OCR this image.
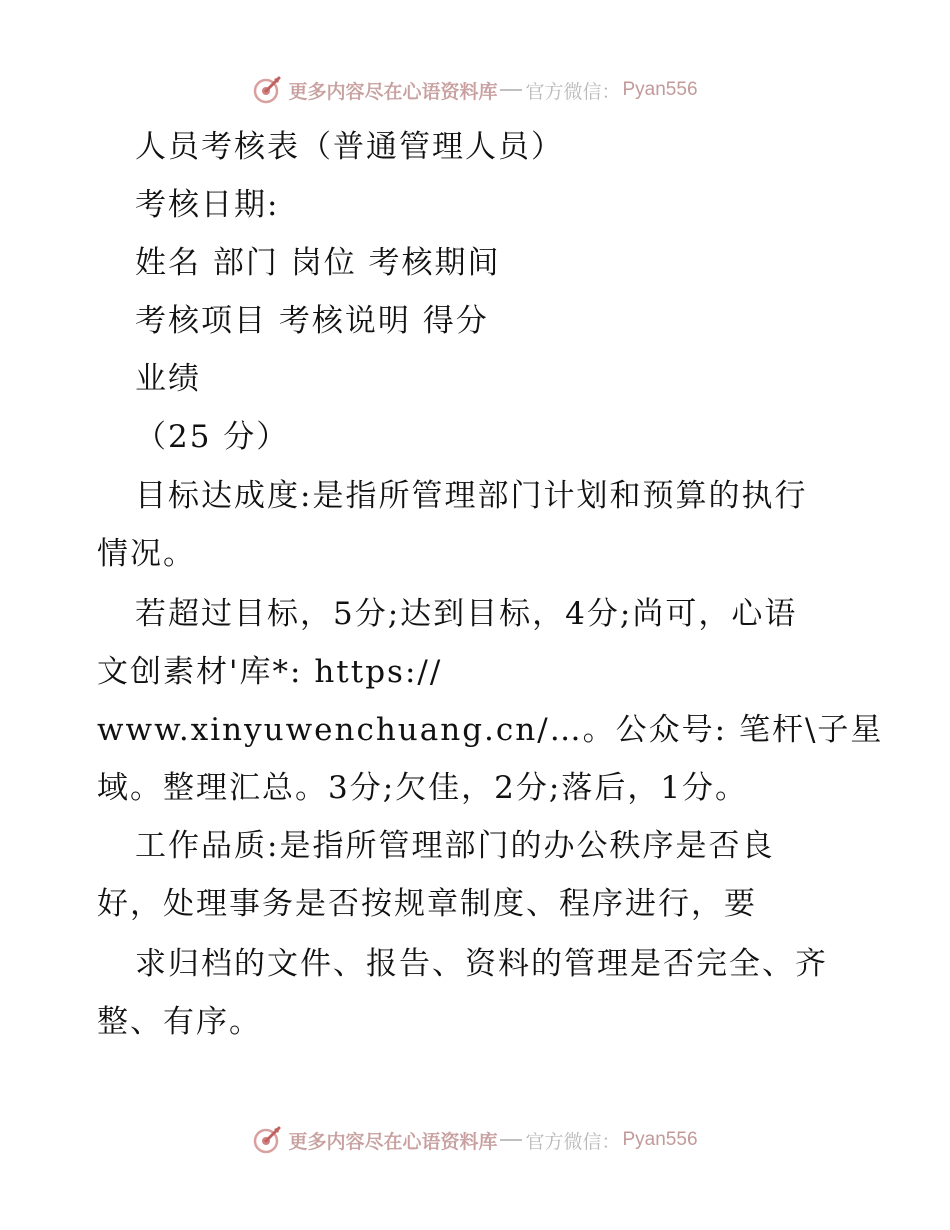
更多内容尽在心语资料库 官方微信： Pyan556
人员考核表（普通管理人员）
考核日期:
姓名 部门 岗位 考核期间
考核项目 考核说明 得分
业绩
（25 分）
目标达成度:是指所管理部门计划和预算的执行
情况。
若超过目标，5分;达到目标，4分;尚可，心语
文创素材'库*: https://
www.xinyuwenchuang.cn/…。公众号: 笔杆\子星
域。整理汇总。3分;欠佳，2分;落后，1分。
工作品质:是指所管理部门的办公秩序是否良
好，处理事务是否按规章制度、程序进行，要
求归档的文件、报告、资料的管理是否完全、齐
整、有序。
更多内容尽在心语资料库 官方微信： Pyan556
